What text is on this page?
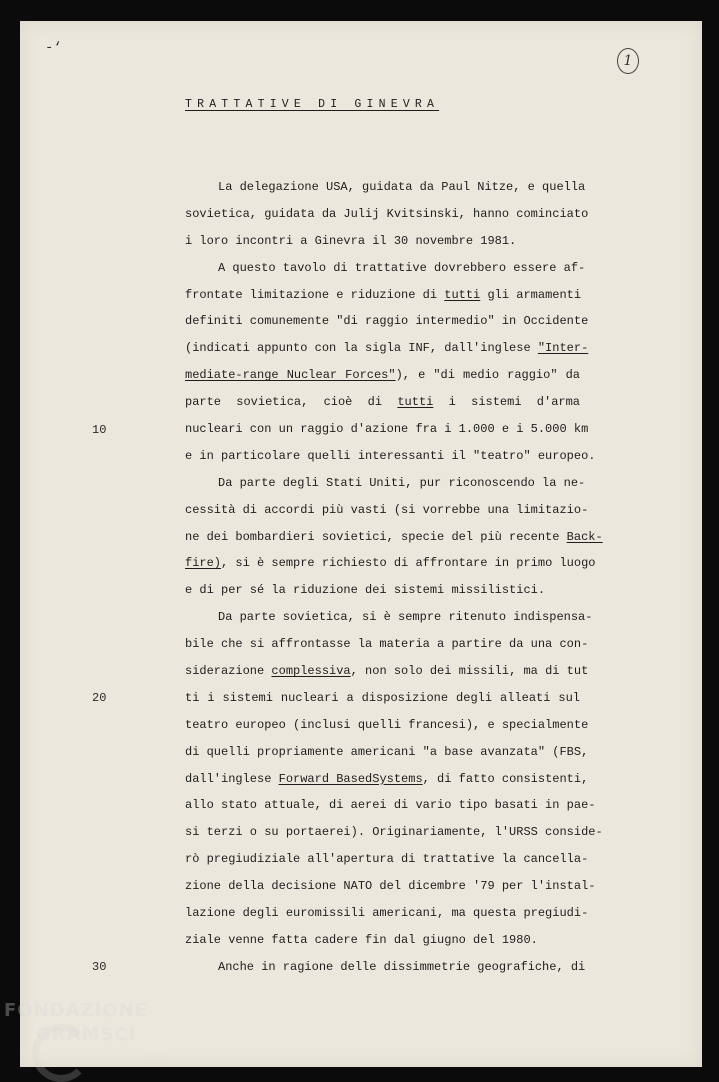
-‘
1
TRATTATIVE DI GINEVRA
10
20
30
La delegazione USA, guidata da Paul Nitze, e quella
sovietica, guidata da Julij Kvitsinski, hanno cominciato
i loro incontri a Ginevra il 30 novembre 1981.
A questo tavolo di trattative dovrebbero essere af-
frontate limitazione e riduzione di tutti gli armamenti
definiti comunemente "di raggio intermedio" in Occidente
(indicati appunto con la sigla INF, dall'inglese "Inter-
mediate-range Nuclear Forces"), e "di medio raggio" da
parte sovietica, cioè di tutti i sistemi d'arma
nucleari con un raggio d'azione fra i 1.000 e i 5.000 km
e in particolare quelli interessanti il "teatro" europeo.
Da parte degli Stati Uniti, pur riconoscendo la ne-
cessità di accordi più vasti (si vorrebbe una limitazio-
ne dei bombardieri sovietici, specie del più recente Back-
fire), si è sempre richiesto di affrontare in primo luogo
e di per sé la riduzione dei sistemi missilistici.
Da parte sovietica, si è sempre ritenuto indispensa-
bile che si affrontasse la materia a partire da una con-
siderazione complessiva, non solo dei missili, ma di tut
ti i sistemi nucleari a disposizione degli alleati sul
teatro europeo (inclusi quelli francesi), e specialmente
di quelli propriamente americani "a base avanzata" (FBS,
dall'inglese Forward BasedSystems, di fatto consistenti,
allo stato attuale, di aerei di vario tipo basati in pae-
si terzi o su portaerei). Originariamente, l'URSS conside-
rò pregiudiziale all'apertura di trattative la cancella-
zione della decisione NATO del dicembre '79 per l'instal-
lazione degli euromissili americani, ma questa pregiudi-
ziale venne fatta cadere fin dal giugno del 1980.
Anche in ragione delle dissimmetrie geografiche, di
FONDAZIONE
GRAMSCI
onlus
